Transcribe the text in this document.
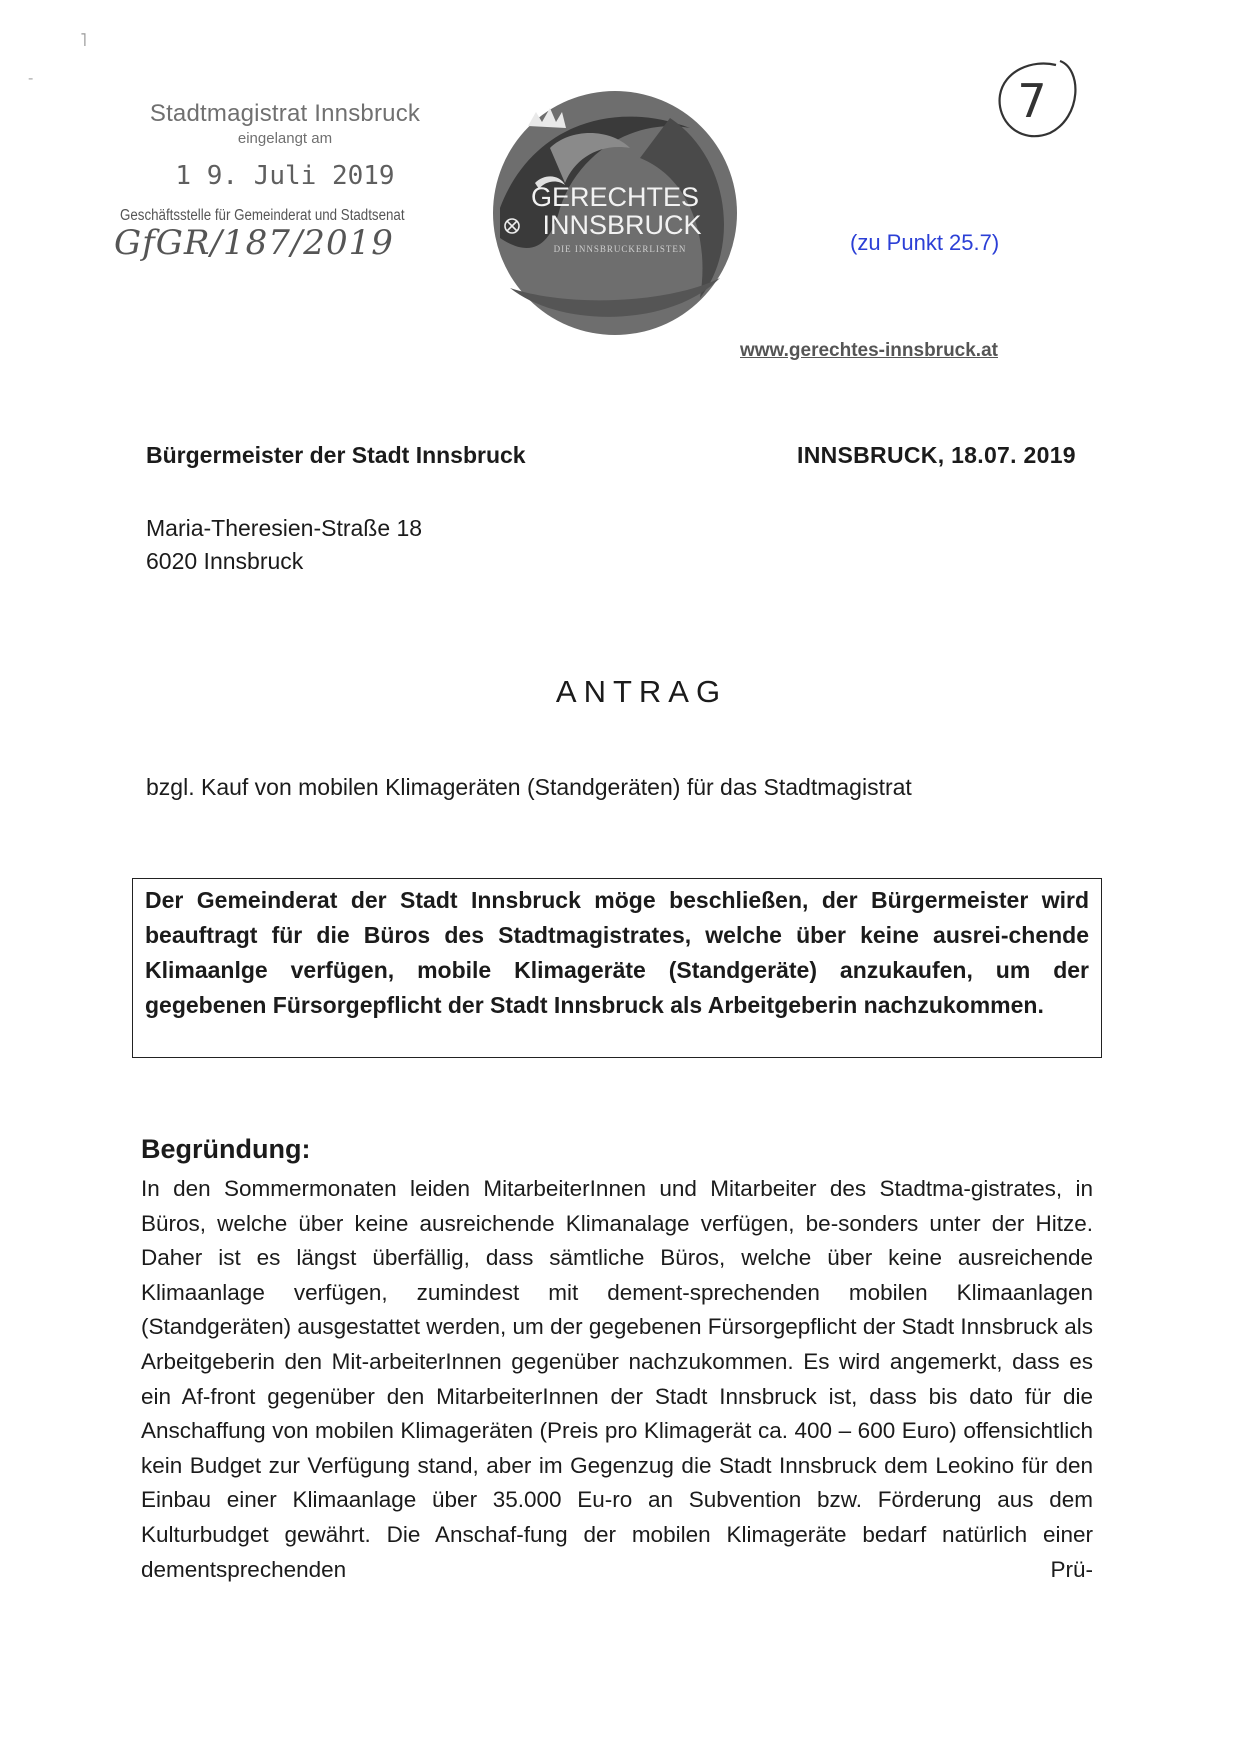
˥
-
Stadtmagistrat Innsbruck
eingelangt am
1 9. Juli 2019
Geschäftsstelle für Gemeinderat und Stadtsenat
GfGR/187/2019
GERECHTES
INNSBRUCK
DIE INNSBRUCKERLISTEN
7
(zu Punkt 25.7)
www.gerechtes-innsbruck.at
Bürgermeister der Stadt Innsbruck	INNSBRUCK, 18.07. 2019
Maria-Theresien-Straße 18
6020 Innsbruck
ANTRAG
bzgl. Kauf von mobilen Klimageräten (Standgeräten) für das Stadtmagistrat
Der Gemeinderat der Stadt Innsbruck möge beschließen, der Bürgermeister wird beauftragt für die Büros des Stadtmagistrates, welche über keine ausrei-chende Klimaanlge verfügen, mobile Klimageräte (Standgeräte) anzukaufen, um der gegebenen Fürsorgepflicht der Stadt Innsbruck als Arbeitgeberin nachzukommen.
Begründung:
In den Sommermonaten leiden MitarbeiterInnen und Mitarbeiter des Stadtma-gistrates, in Büros, welche über keine ausreichende Klimanalage verfügen, be-sonders unter der Hitze. Daher ist es längst überfällig, dass sämtliche Büros, welche über keine ausreichende Klimaanlage verfügen, zumindest mit dement-sprechenden mobilen Klimaanlagen (Standgeräten) ausgestattet werden, um der gegebenen Fürsorgepflicht der Stadt Innsbruck als Arbeitgeberin den Mit-arbeiterInnen gegenüber nachzukommen. Es wird angemerkt, dass es ein Af-front gegenüber den MitarbeiterInnen der Stadt Innsbruck ist, dass bis dato für die Anschaffung von mobilen Klimageräten (Preis pro Klimagerät ca. 400 – 600 Euro) offensichtlich kein Budget zur Verfügung stand, aber im Gegenzug die Stadt Innsbruck dem Leokino für den Einbau einer Klimaanlage über 35.000 Eu-ro an Subvention bzw. Förderung aus dem Kulturbudget gewährt. Die Anschaf-fung der mobilen Klimageräte bedarf natürlich einer dementsprechenden Prü-
